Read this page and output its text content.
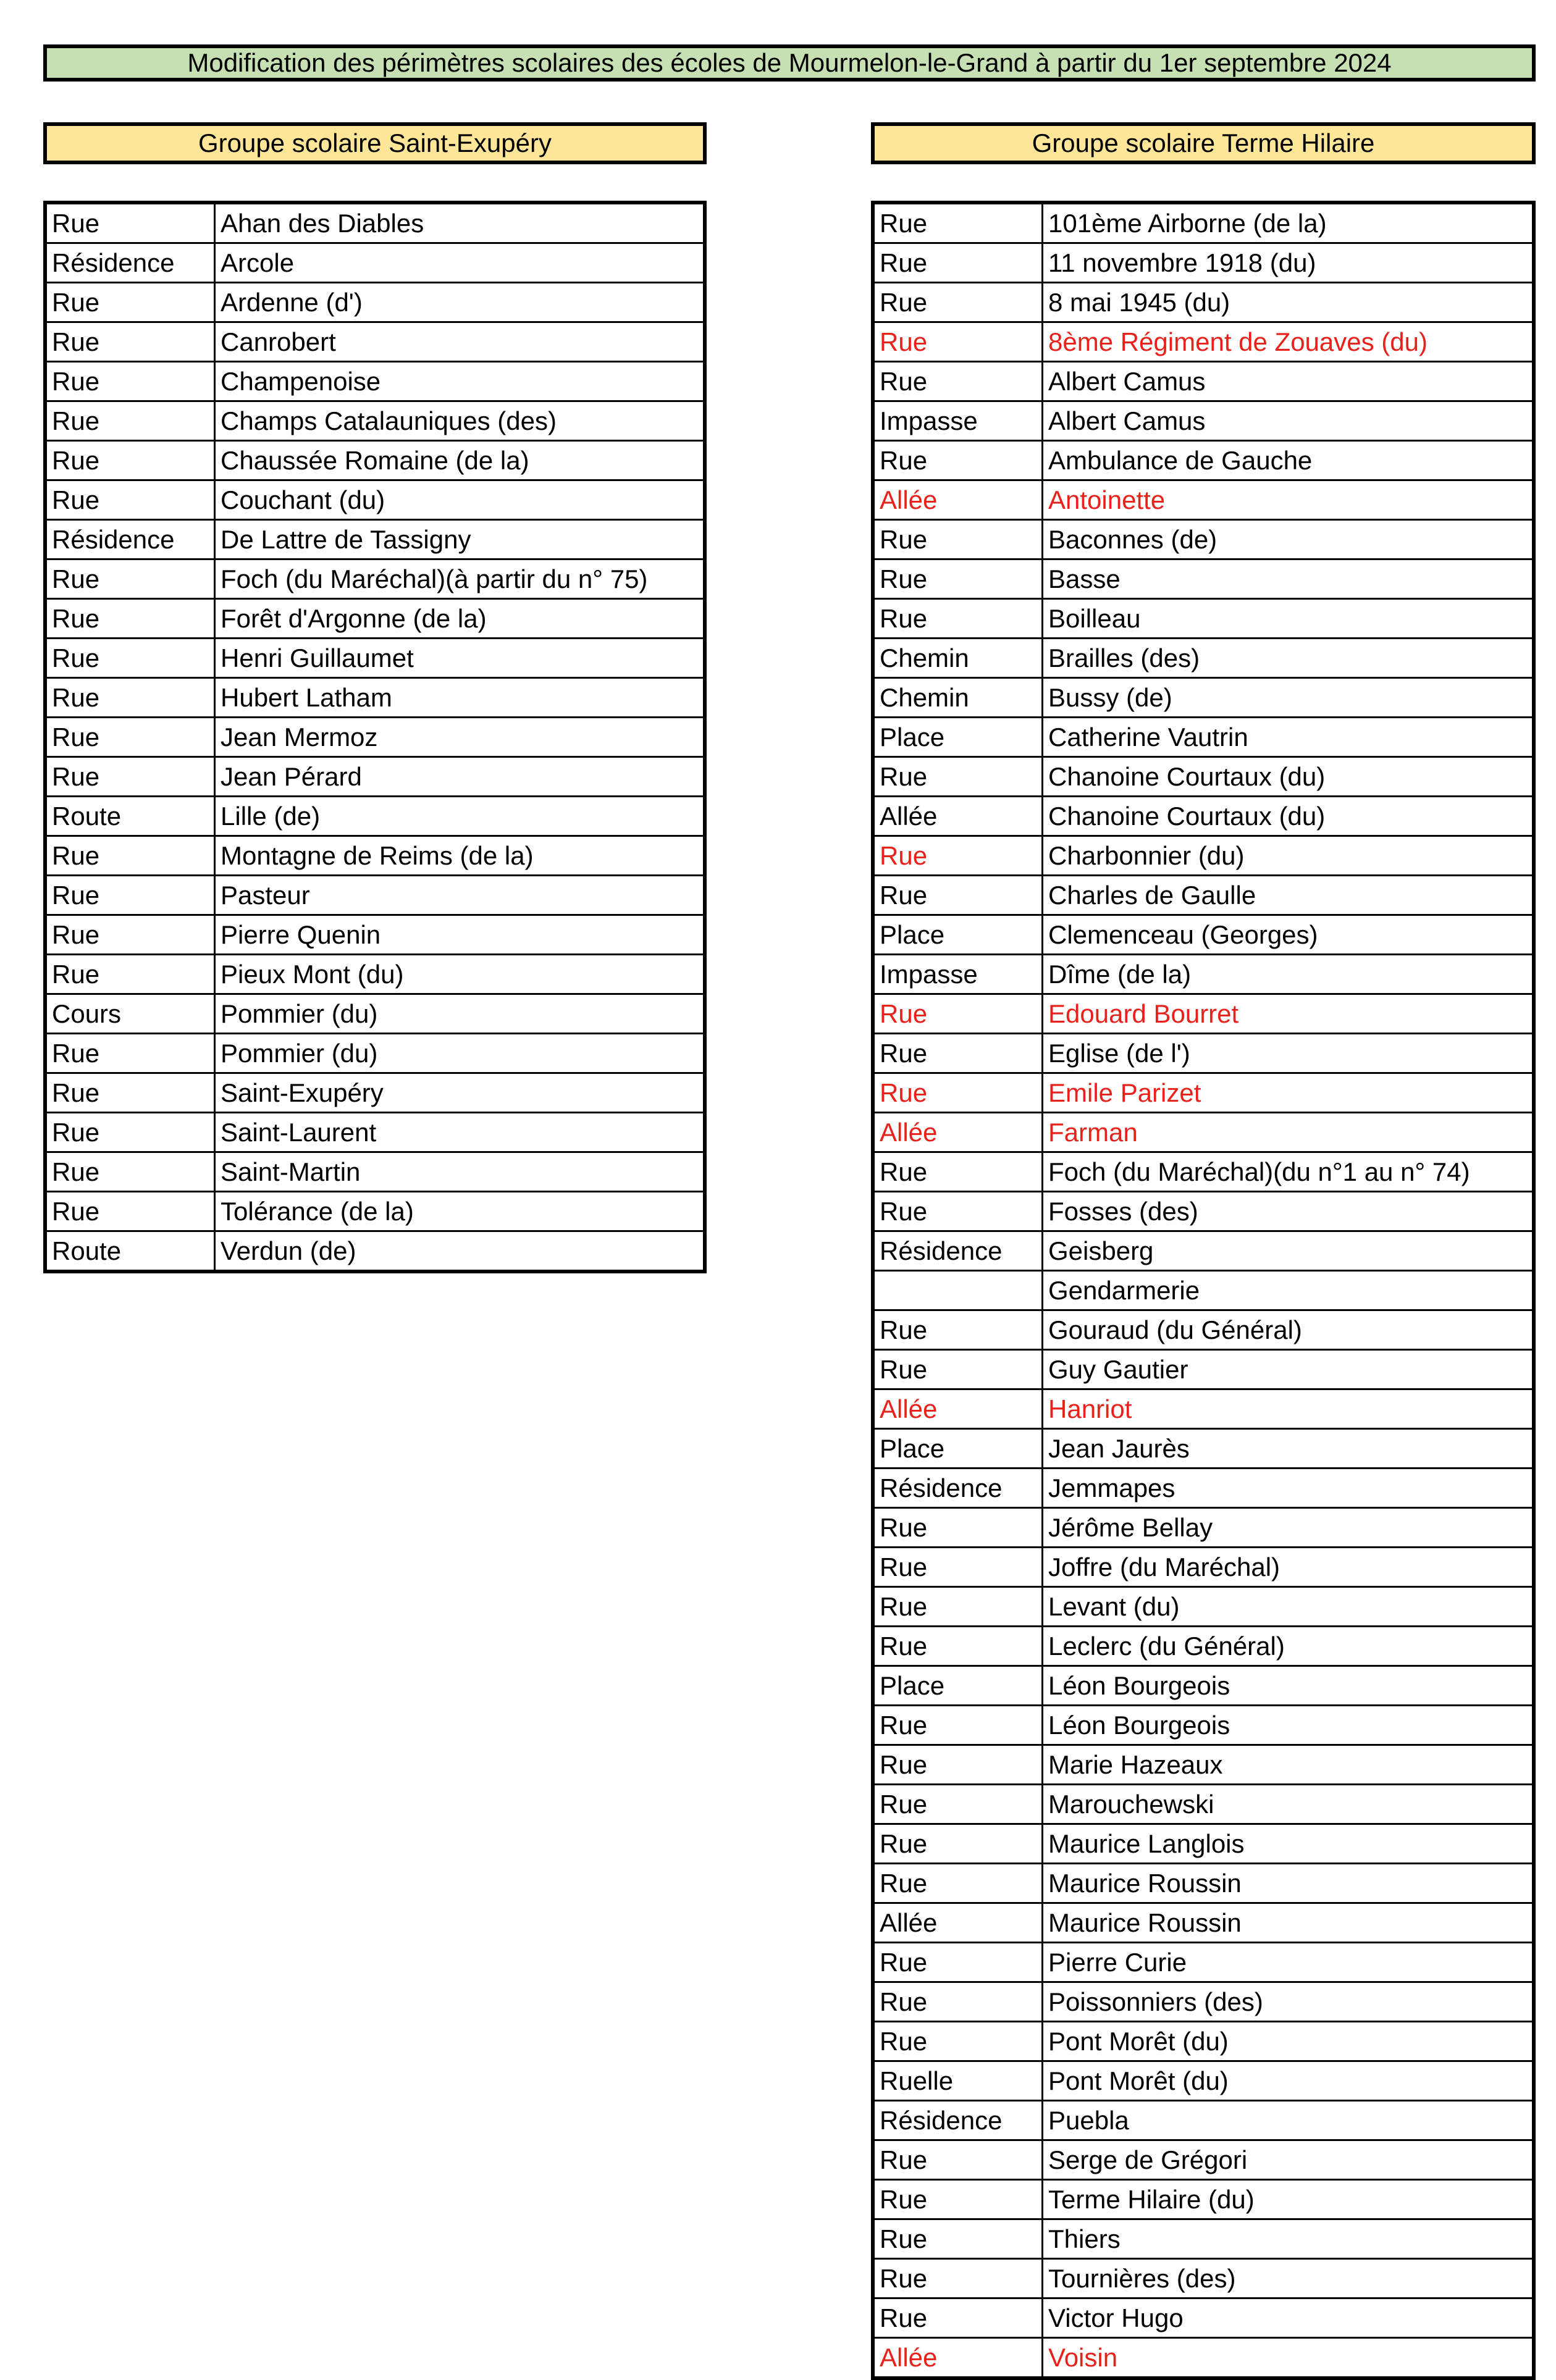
Modification des périmètres scolaires des écoles de Mourmelon-le-Grand à partir du 1er septembre 2024
Groupe scolaire Saint-Exupéry	Groupe scolaire Terme Hilaire
Rue	Ahan des Diables
Résidence	Arcole
Rue	Ardenne (d')
Rue	Canrobert
Rue	Champenoise
Rue	Champs Catalauniques (des)
Rue	Chaussée Romaine (de la)
Rue	Couchant (du)
Résidence	De Lattre de Tassigny
Rue	Foch (du Maréchal)(à partir du n° 75)
Rue	Forêt d'Argonne (de la)
Rue	Henri Guillaumet
Rue	Hubert Latham
Rue	Jean Mermoz
Rue	Jean Pérard
Route	Lille (de)
Rue	Montagne de Reims (de la)
Rue	Pasteur
Rue	Pierre Quenin
Rue	Pieux Mont (du)
Cours	Pommier (du)
Rue	Pommier (du)
Rue	Saint-Exupéry
Rue	Saint-Laurent
Rue	Saint-Martin
Rue	Tolérance (de la)
Route	Verdun (de)
Rue	101ème Airborne (de la)
Rue	11 novembre 1918 (du)
Rue	8 mai 1945 (du)
Rue	8ème Régiment de Zouaves (du)
Rue	Albert Camus
Impasse	Albert Camus
Rue	Ambulance de Gauche
Allée	Antoinette
Rue	Baconnes (de)
Rue	Basse
Rue	Boilleau
Chemin	Brailles (des)
Chemin	Bussy (de)
Place	Catherine Vautrin
Rue	Chanoine Courtaux (du)
Allée	Chanoine Courtaux (du)
Rue	Charbonnier (du)
Rue	Charles de Gaulle
Place	Clemenceau (Georges)
Impasse	Dîme (de la)
Rue	Edouard Bourret
Rue	Eglise (de l')
Rue	Emile Parizet
Allée	Farman
Rue	Foch (du Maréchal)(du n°1 au n° 74)
Rue	Fosses (des)
Résidence	Geisberg
	Gendarmerie
Rue	Gouraud (du Général)
Rue	Guy Gautier
Allée	Hanriot
Place	Jean Jaurès
Résidence	Jemmapes
Rue	Jérôme Bellay
Rue	Joffre (du Maréchal)
Rue	Levant (du)
Rue	Leclerc (du Général)
Place	Léon Bourgeois
Rue	Léon Bourgeois
Rue	Marie Hazeaux
Rue	Marouchewski
Rue	Maurice Langlois
Rue	Maurice Roussin
Allée	Maurice Roussin
Rue	Pierre Curie
Rue	Poissonniers (des)
Rue	Pont Morêt (du)
Ruelle	Pont Morêt (du)
Résidence	Puebla
Rue	Serge de Grégori
Rue	Terme Hilaire (du)
Rue	Thiers
Rue	Tournières (des)
Rue	Victor Hugo
Allée	Voisin
